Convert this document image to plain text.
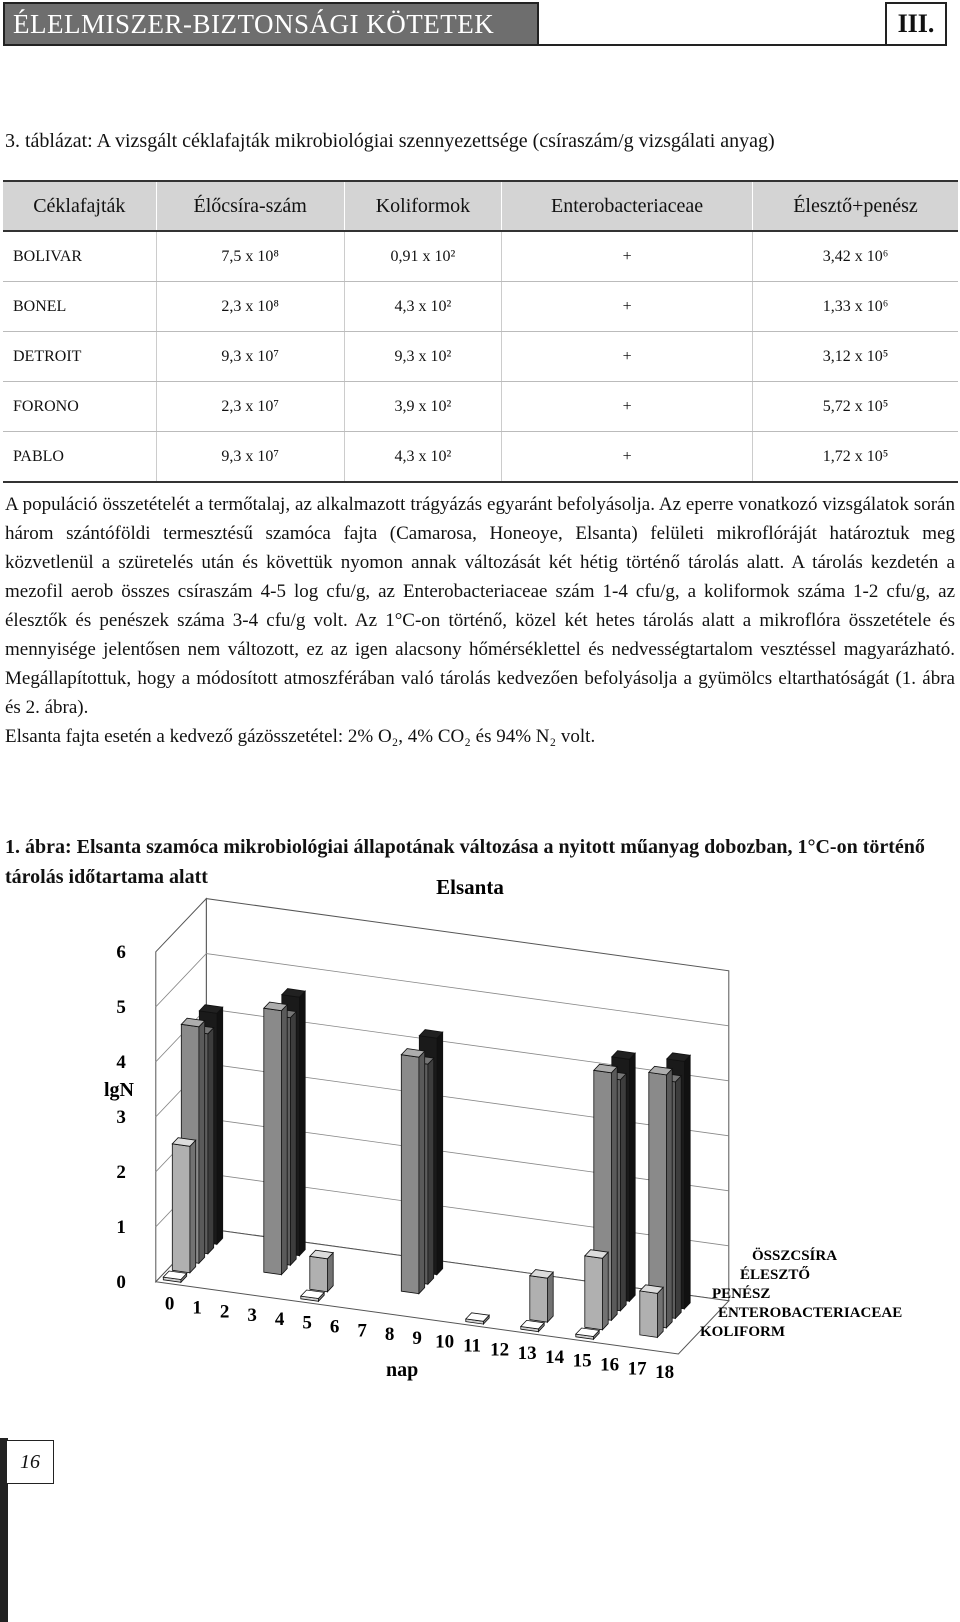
ÉLELMISZER-BIZTONSÁGI KÖTETEK	III.
3. táblázat: A vizsgált céklafajták mikrobiológiai szennyezettsége (csíraszám/g vizsgálati anyag)
Céklafajták	Élőcsíra-szám	Koliformok	Enterobacteriaceae	Élesztő+penész
BOLIVAR	7,5 x 10⁸	0,91 x 10²	+	3,42 x 10⁶
BONEL	2,3 x 10⁸	4,3 x 10²	+	1,33 x 10⁶
DETROIT	9,3 x 10⁷	9,3 x 10²	+	3,12 x 10⁵
FORONO	2,3 x 10⁷	3,9 x 10²	+	5,72 x 10⁵
PABLO	9,3 x 10⁷	4,3 x 10²	+	1,72 x 10⁵

A populáció összetételét a termőtalaj, az alkalmazott trágyázás egyaránt befolyásolja. Az eperre vonatkozó vizsgálatok során három szántóföldi termesztésű szamóca fajta (Camarosa, Honeoye, Elsanta) felületi mikroflóráját határoztuk meg közvetlenül a szüretelés után és követtük nyomon annak változását két hétig történő tárolás alatt. A tárolás kezdetén a mezofil aerob összes csíraszám 4-5 log cfu/g, az Enterobacteriaceae szám 1-4 cfu/g, a koliformok száma 1-2 cfu/g, az élesztők és penészek száma 3-4 cfu/g volt. Az 1°C-on történő, közel két hetes tárolás alatt a mikroflóra összetétele és mennyisége jelentősen nem változott, ez az igen alacsony hőmérséklettel és nedvességtartalom vesztéssel magyarázható. Megállapítottuk, hogy a módosított atmoszférában való tárolás kedvezően befolyásolja a gyümölcs eltarthatóságát (1. ábra és 2. ábra).

Elsanta fajta esetén a kedvező gázösszetétel: 2% O₂, 4% CO₂ és 94% N₂ volt.

1. ábra: Elsanta szamóca mikrobiológiai állapotának változása a nyitott műanyag dobozban, 1°C-on történő tárolás időtartama alatt	Elsanta
0
1
2
3
4
5
6
0 1 2 3 4 5 6 7 8 9 10 11 12 13 14 15 16 17 18
ÖSSZCSÍRA
ÉLESZTŐ
PENÉSZ
ENTEROBACTERIACEAE
KOLIFORM
lgN
nap
16
